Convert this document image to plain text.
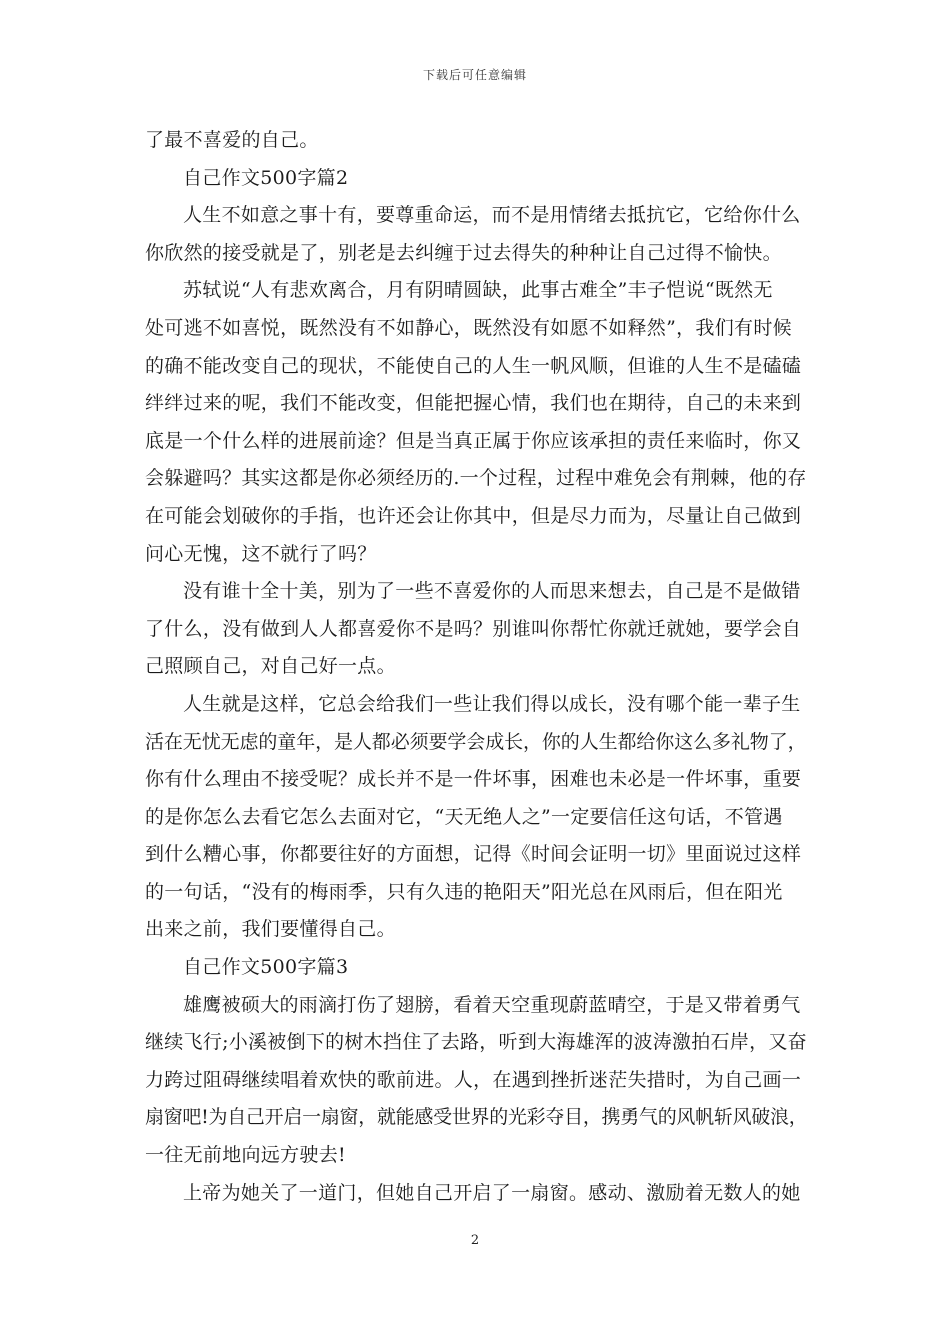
下载后可任意编辑
了最不喜爱的自己。
自己作文500字篇2
人生不如意之事十有，要尊重命运，而不是用情绪去抵抗它，它给你什么
你欣然的接受就是了，别老是去纠缠于过去得失的种种让自己过得不愉快。
苏轼说“人有悲欢离合，月有阴晴圆缺，此事古难全”丰子恺说“既然无
处可逃不如喜悦，既然没有不如静心，既然没有如愿不如释然”，我们有时候
的确不能改变自己的现状，不能使自己的人生一帆风顺，但谁的人生不是磕磕
绊绊过来的呢，我们不能改变，但能把握心情，我们也在期待，自己的未来到
底是一个什么样的进展前途？但是当真正属于你应该承担的责任来临时，你又
会躲避吗？其实这都是你必须经历的.一个过程，过程中难免会有荆棘，他的存
在可能会划破你的手指，也许还会让你其中，但是尽力而为，尽量让自己做到
问心无愧，这不就行了吗？
没有谁十全十美，别为了一些不喜爱你的人而思来想去，自己是不是做错
了什么，没有做到人人都喜爱你不是吗？别谁叫你帮忙你就迁就她，要学会自
己照顾自己，对自己好一点。
人生就是这样，它总会给我们一些让我们得以成长，没有哪个能一辈子生
活在无忧无虑的童年，是人都必须要学会成长，你的人生都给你这么多礼物了，
你有什么理由不接受呢？成长并不是一件坏事，困难也未必是一件坏事，重要
的是你怎么去看它怎么去面对它，“天无绝人之”一定要信任这句话，不管遇
到什么糟心事，你都要往好的方面想，记得《时间会证明一切》里面说过这样
的一句话，“没有的梅雨季，只有久违的艳阳天”阳光总在风雨后，但在阳光
出来之前，我们要懂得自己。
自己作文500字篇3
雄鹰被硕大的雨滴打伤了翅膀，看着天空重现蔚蓝晴空，于是又带着勇气
继续飞行;小溪被倒下的树木挡住了去路，听到大海雄浑的波涛激拍石岸，又奋
力跨过阻碍继续唱着欢快的歌前进。人，在遇到挫折迷茫失措时，为自己画一
扇窗吧!为自己开启一扇窗，就能感受世界的光彩夺目，携勇气的风帆斩风破浪，
一往无前地向远方驶去!
上帝为她关了一道门，但她自己开启了一扇窗。感动、激励着无数人的她
2
